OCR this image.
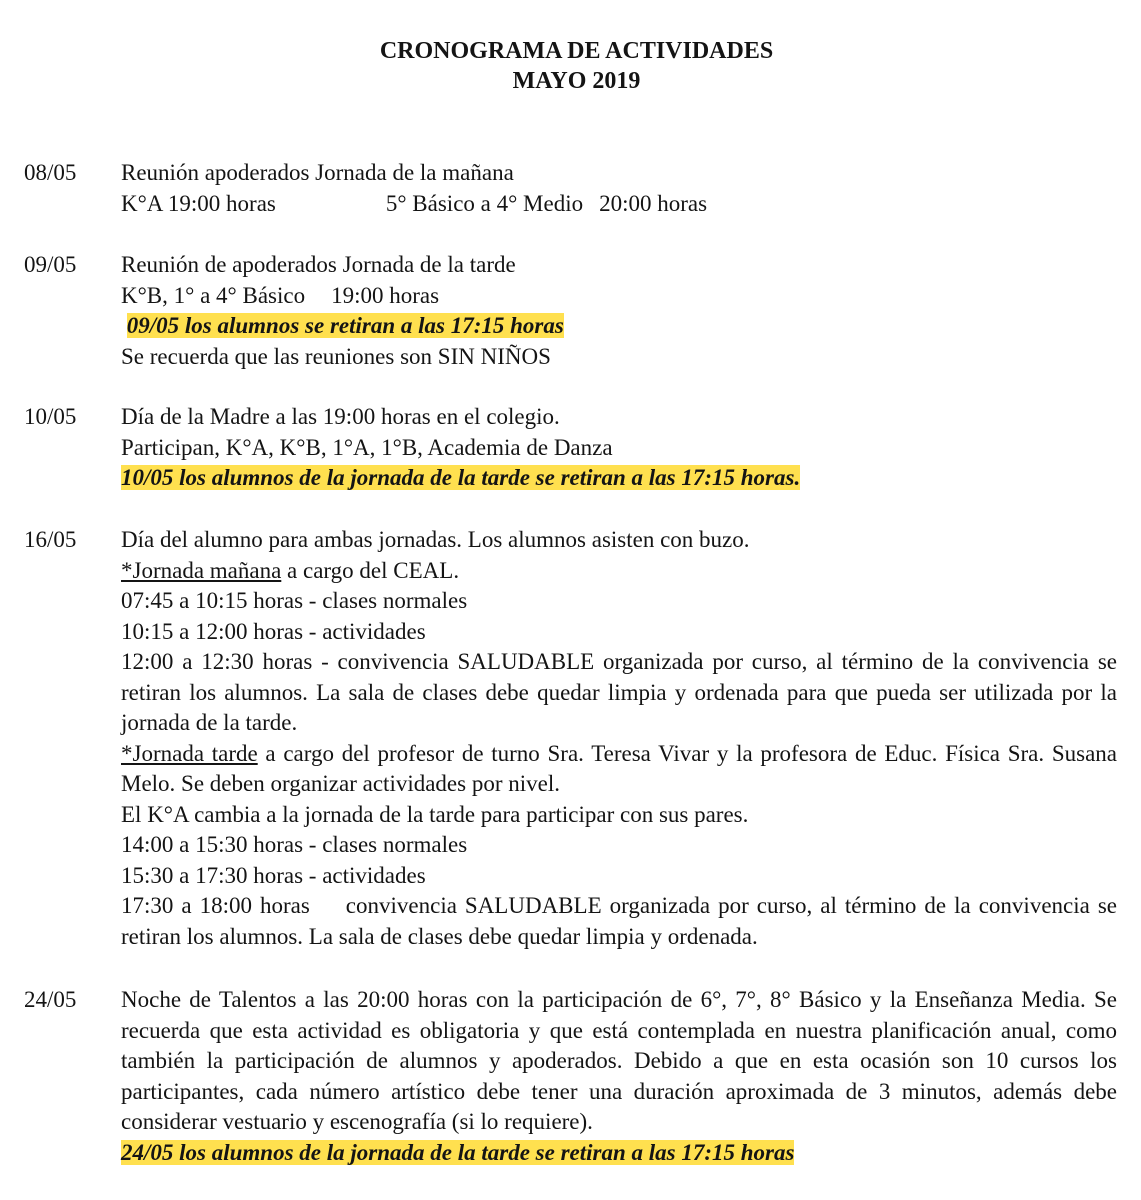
CRONOGRAMA DE ACTIVIDADES
MAYO 2019
08/05 Reunión apoderados Jornada de la mañana

K°A 19:00 horas	5° Básico a 4° Medio 20:00 horas

09/05 Reunión de apoderados Jornada de la tarde

K°B, 1° a 4° Básico 19:00 horas

09/05 los alumnos se retiran a las 17:15 horas

Se recuerda que las reuniones son SIN NIÑOS

10/05 Día de la Madre a las 19:00 horas en el colegio.

Participan, K°A, K°B, 1°A, 1°B, Academia de Danza

10/05 los alumnos de la jornada de la tarde se retiran a las 17:15 horas.

16/05 Día del alumno para ambas jornadas. Los alumnos asisten con buzo.

*Jornada mañana a cargo del CEAL.

07:45 a 10:15 horas - clases normales

10:15 a 12:00 horas - actividades

12:00 a 12:30 horas - convivencia SALUDABLE organizada por curso, al término de la convivencia se retiran los alumnos. La sala de clases debe quedar limpia y ordenada para que pueda ser utilizada por la jornada de la tarde.

*Jornada tarde a cargo del profesor de turno Sra. Teresa Vivar y la profesora de Educ. Física Sra. Susana Melo. Se deben organizar actividades por nivel.

El K°A cambia a la jornada de la tarde para participar con sus pares.

14:00 a 15:30 horas - clases normales

15:30 a 17:30 horas - actividades

17:30 a 18:00 horas convivencia SALUDABLE organizada por curso, al término de la convivencia se retiran los alumnos. La sala de clases debe quedar limpia y ordenada.

24/05 Noche de Talentos a las 20:00 horas con la participación de 6°, 7°, 8° Básico y la Enseñanza Media. Se recuerda que esta actividad es obligatoria y que está contemplada en nuestra planificación anual, como también la participación de alumnos y apoderados. Debido a que en esta ocasión son 10 cursos los participantes, cada número artístico debe tener una duración aproximada de 3 minutos, además debe considerar vestuario y escenografía (si lo requiere).

24/05 los alumnos de la jornada de la tarde se retiran a las 17:15 horas
